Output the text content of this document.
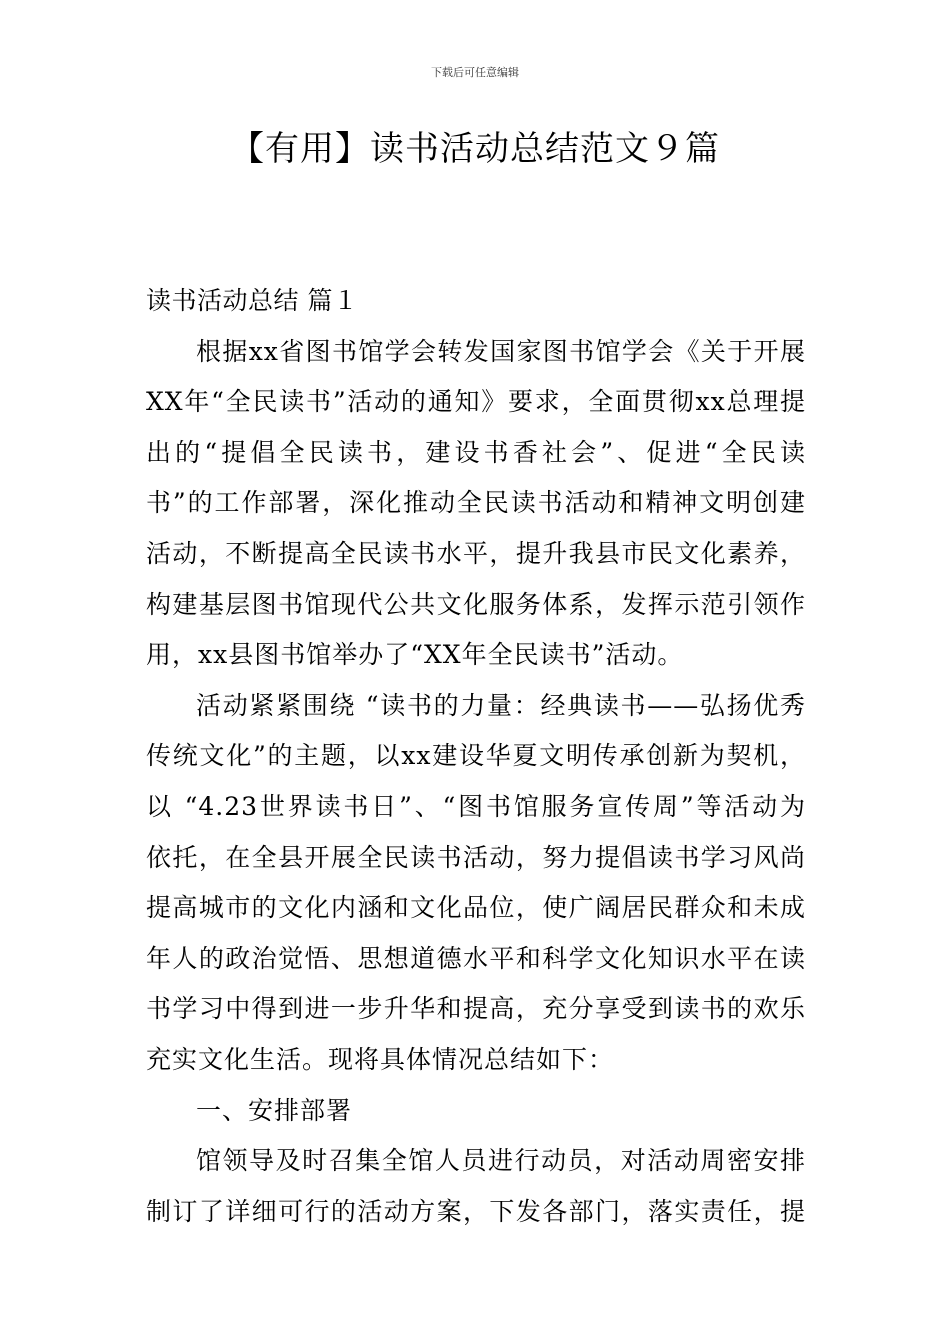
下载后可任意编辑
【有用】读书活动总结范文９篇
读书活动总结 篇１
根据xx省图书馆学会转发国家图书馆学会《关于开展
XX年“全民读书”活动的通知》要求，全面贯彻xx总理提
出的“提倡全民读书，建设书香社会”、促进“全民读
书”的工作部署，深化推动全民读书活动和精神文明创建
活动，不断提高全民读书水平，提升我县市民文化素养，
构建基层图书馆现代公共文化服务体系，发挥示范引领作
用，xx县图书馆举办了“XX年全民读书”活动。
活动紧紧围绕 “读书的力量：经典读书——弘扬优秀
传统文化”的主题，以xx建设华夏文明传承创新为契机，
以 “4.23世界读书日”、“图书馆服务宣传周”等活动为
依托，在全县开展全民读书活动，努力提倡读书学习风尚
提高城市的文化内涵和文化品位，使广阔居民群众和未成
年人的政治觉悟、思想道德水平和科学文化知识水平在读
书学习中得到进一步升华和提高，充分享受到读书的欢乐
充实文化生活。现将具体情况总结如下：
一、安排部署
馆领导及时召集全馆人员进行动员，对活动周密安排
制订了详细可行的活动方案，下发各部门，落实责任，提
